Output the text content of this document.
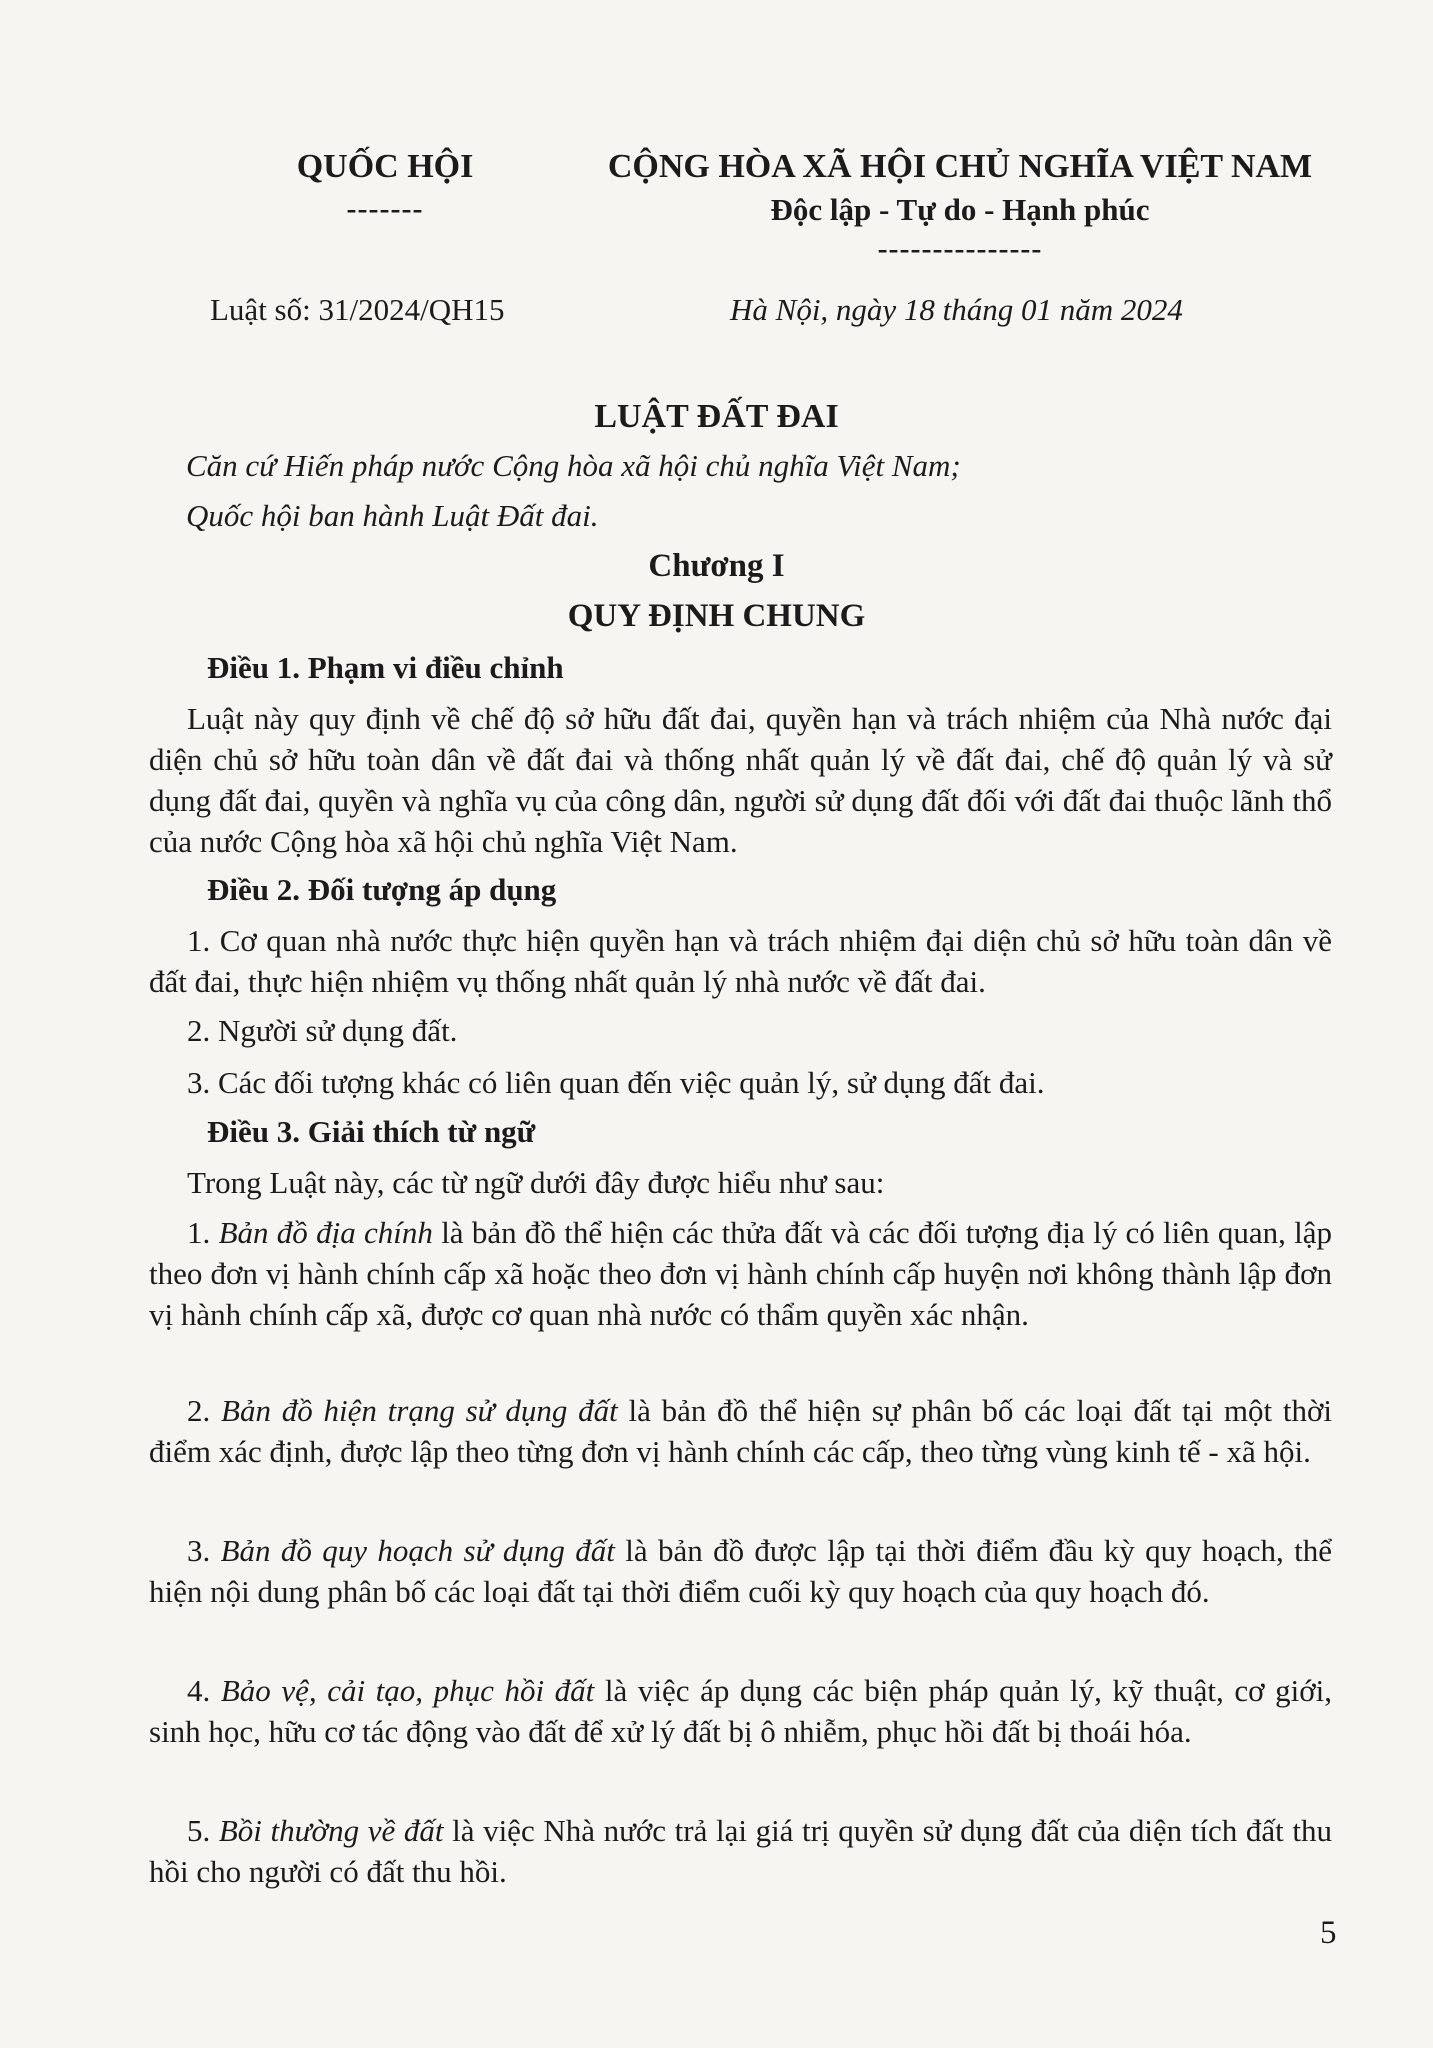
QUỐC HỘI
-------
CỘNG HÒA XÃ HỘI CHỦ NGHĨA VIỆT NAM
Độc lập - Tự do - Hạnh phúc
---------------
Luật số: 31/2024/QH15	Hà Nội, ngày 18 tháng 01 năm 2024
LUẬT ĐẤT ĐAI
Căn cứ Hiến pháp nước Cộng hòa xã hội chủ nghĩa Việt Nam;
Quốc hội ban hành Luật Đất đai.
Chương I
QUY ĐỊNH CHUNG
Điều 1. Phạm vi điều chỉnh
Luật này quy định về chế độ sở hữu đất đai, quyền hạn và trách nhiệm của Nhà nước đại diện chủ sở hữu toàn dân về đất đai và thống nhất quản lý về đất đai, chế độ quản lý và sử dụng đất đai, quyền và nghĩa vụ của công dân, người sử dụng đất đối với đất đai thuộc lãnh thổ của nước Cộng hòa xã hội chủ nghĩa Việt Nam.
Điều 2. Đối tượng áp dụng
1. Cơ quan nhà nước thực hiện quyền hạn và trách nhiệm đại diện chủ sở hữu toàn dân về đất đai, thực hiện nhiệm vụ thống nhất quản lý nhà nước về đất đai.
2. Người sử dụng đất.
3. Các đối tượng khác có liên quan đến việc quản lý, sử dụng đất đai.
Điều 3. Giải thích từ ngữ
Trong Luật này, các từ ngữ dưới đây được hiểu như sau:
1. Bản đồ địa chính là bản đồ thể hiện các thửa đất và các đối tượng địa lý có liên quan, lập theo đơn vị hành chính cấp xã hoặc theo đơn vị hành chính cấp huyện nơi không thành lập đơn vị hành chính cấp xã, được cơ quan nhà nước có thẩm quyền xác nhận.
2. Bản đồ hiện trạng sử dụng đất là bản đồ thể hiện sự phân bố các loại đất tại một thời điểm xác định, được lập theo từng đơn vị hành chính các cấp, theo từng vùng kinh tế - xã hội.
3. Bản đồ quy hoạch sử dụng đất là bản đồ được lập tại thời điểm đầu kỳ quy hoạch, thể hiện nội dung phân bố các loại đất tại thời điểm cuối kỳ quy hoạch của quy hoạch đó.
4. Bảo vệ, cải tạo, phục hồi đất là việc áp dụng các biện pháp quản lý, kỹ thuật, cơ giới, sinh học, hữu cơ tác động vào đất để xử lý đất bị ô nhiễm, phục hồi đất bị thoái hóa.
5. Bồi thường về đất là việc Nhà nước trả lại giá trị quyền sử dụng đất của diện tích đất thu hồi cho người có đất thu hồi.
5
